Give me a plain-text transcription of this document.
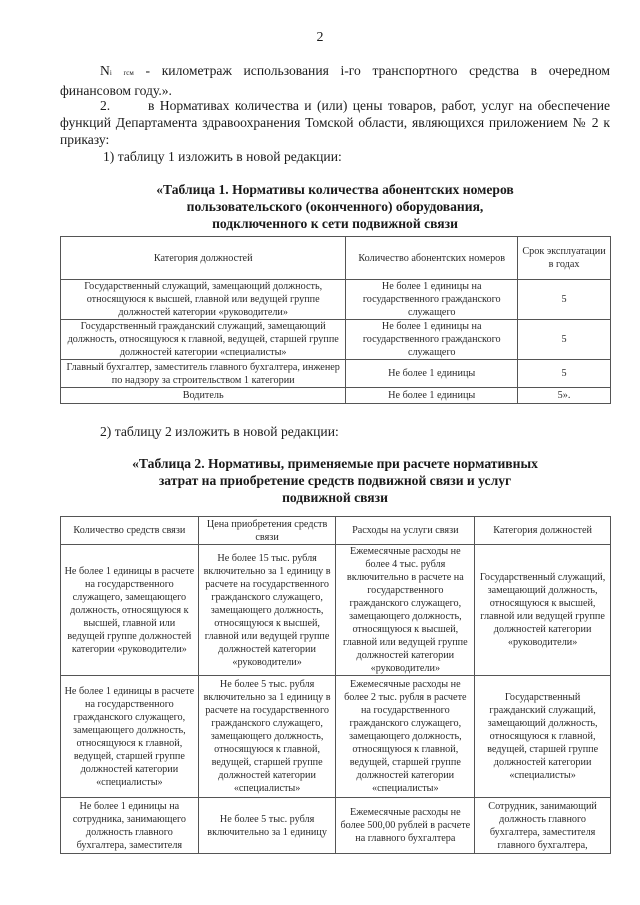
2
Ni гсм - километраж использования i-го транспортного средства в очередном финансовом году.».
2.	в Нормативах количества и (или) цены товаров, работ, услуг на обеспечение функций Департамента здравоохранения Томской области, являющихся приложением № 2 к приказу:
1) таблицу 1 изложить в новой редакции:
«Таблица 1. Нормативы количества абонентских номеров
пользовательского (оконченного) оборудования,
подключенного к сети подвижной связи
Категория должностей	Количество абонентских номеров	Срок эксплуатации в годах
Государственный служащий, замещающий должность, относящуюся к высшей, главной или ведущей группе должностей категории «руководители»	Не более 1 единицы на государственного гражданского служащего	5
Государственный гражданский служащий, замещающий должность, относящуюся к главной, ведущей, старшей группе должностей категории «специалисты»	Не более 1 единицы на государственного гражданского служащего	5
Главный бухгалтер, заместитель главного бухгалтера, инженер по надзору за строительством 1 категории	Не более 1 единицы	5
Водитель	Не более 1 единицы	5».
2) таблицу 2 изложить в новой редакции:
«Таблица 2. Нормативы, применяемые при расчете нормативных
затрат на приобретение средств подвижной связи и услуг
подвижной связи
Количество средств связи	Цена приобретения средств связи	Расходы на услуги связи	Категория должностей
Не более 1 единицы в расчете на государственного служащего, замещающего должность, относящуюся к высшей, главной или ведущей группе должностей категории «руководители»	Не более 15 тыс. рубля включительно за 1 единицу в расчете на государственного гражданского служащего, замещающего должность, относящуюся к высшей, главной или ведущей группе должностей категории «руководители»	Ежемесячные расходы не более 4 тыс. рубля включительно в расчете на государственного гражданского служащего, замещающего должность, относящуюся к высшей, главной или ведущей группе должностей категории «руководители»	Государственный служащий, замещающий должность, относящуюся к высшей, главной или ведущей группе должностей категории «руководители»
Не более 1 единицы в расчете на государственного гражданского служащего, замещающего должность, относящуюся к главной, ведущей, старшей группе должностей категории «специалисты»	Не более 5 тыс. рубля включительно за 1 единицу в расчете на государственного гражданского служащего, замещающего должность, относящуюся к главной, ведущей, старшей группе должностей категории «специалисты»	Ежемесячные расходы не более 2 тыс. рубля в расчете на государственного гражданского служащего, замещающего должность, относящуюся к главной, ведущей, старшей группе должностей категории «специалисты»	Государственный гражданский служащий, замещающий должность, относящуюся к главной, ведущей, старшей группе должностей категории «специалисты»
Не более 1 единицы на сотрудника, занимающего должность главного бухгалтера, заместителя	Не более 5 тыс. рубля включительно за 1 единицу	Ежемесячные расходы не более 500,00 рублей в расчете на главного бухгалтера	Сотрудник, занимающий должность главного бухгалтера, заместителя главного бухгалтера,
